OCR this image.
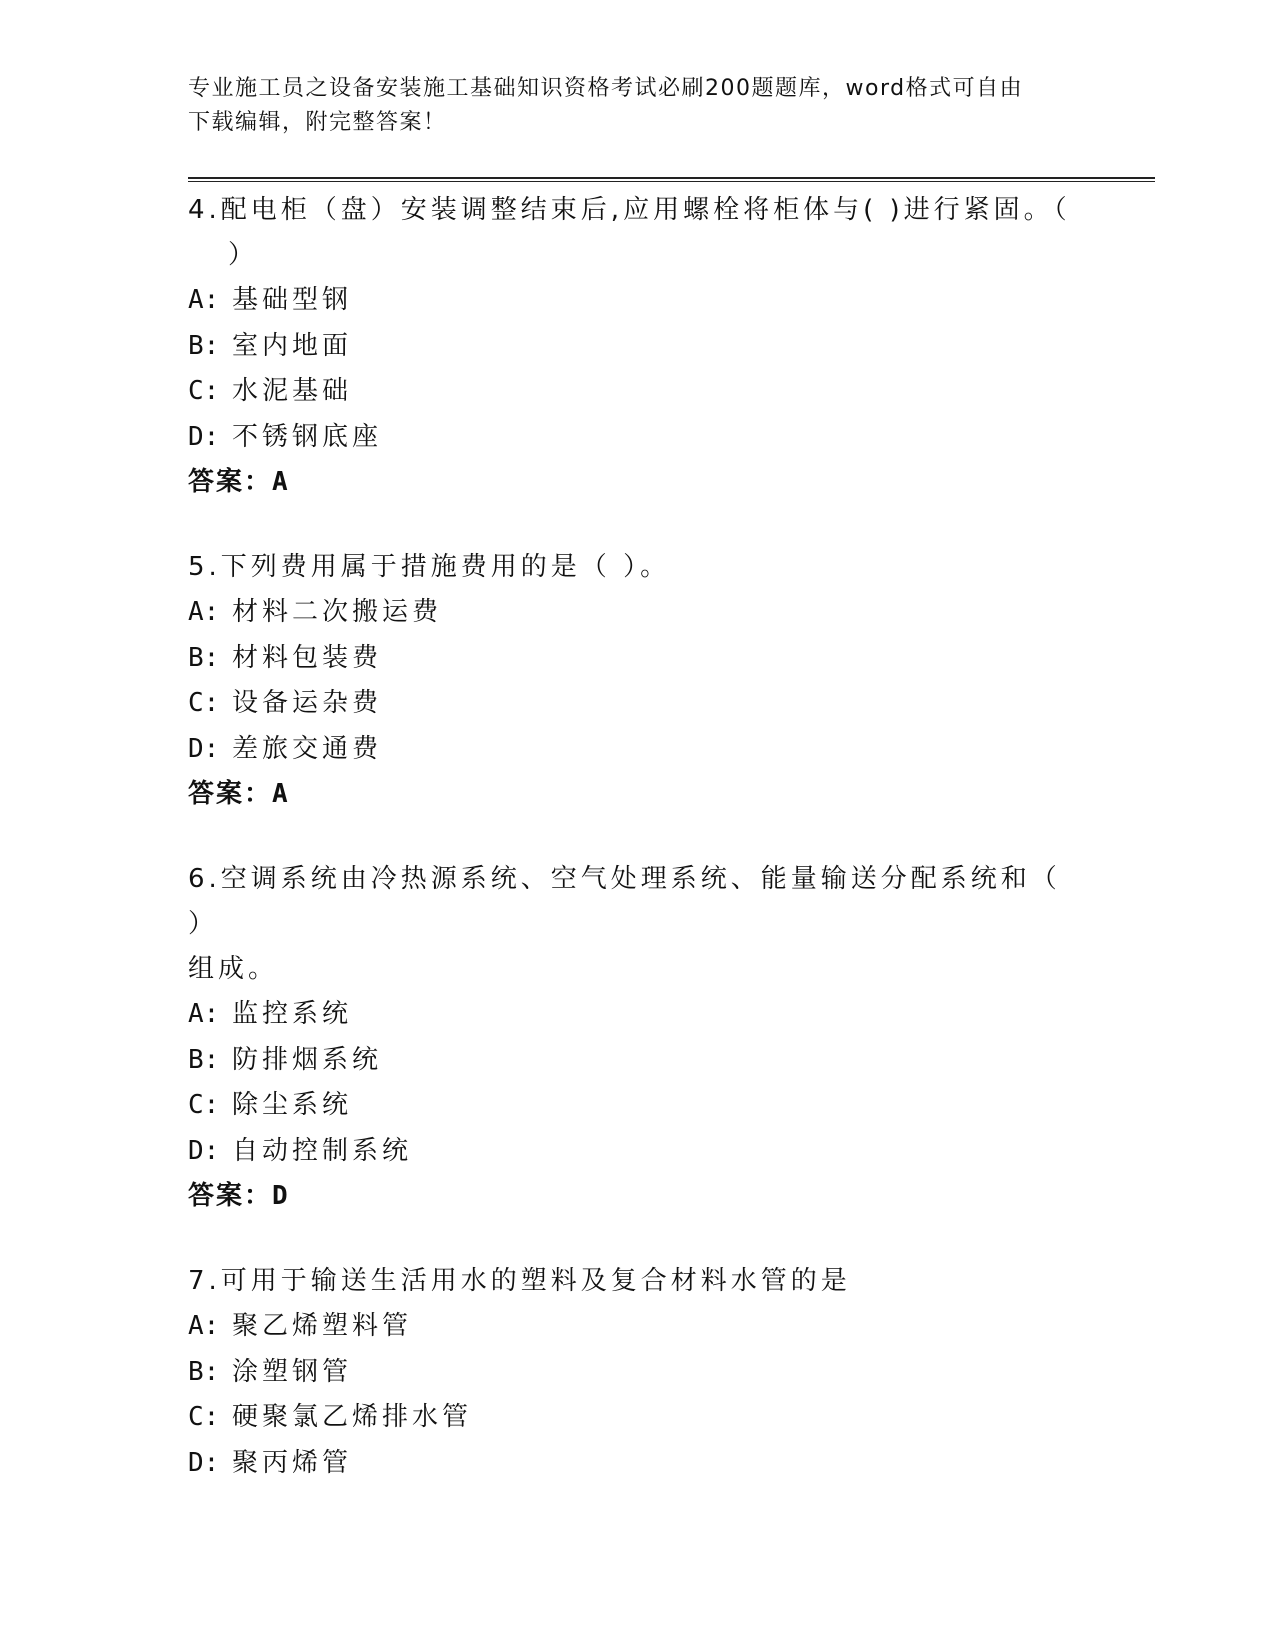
专业施工员之设备安装施工基础知识资格考试必刷200题题库，word格式可自由
下载编辑，附完整答案！
4.配电柜（盘）安装调整结束后,应用螺栓将柜体与( )进行紧固。（
）
A: 基础型钢
B: 室内地面
C: 水泥基础
D: 不锈钢底座
答案：A
5.下列费用属于措施费用的是（ ）。
A: 材料二次搬运费
B: 材料包装费
C: 设备运杂费
D: 差旅交通费
答案：A
6.空调系统由冷热源系统、空气处理系统、能量输送分配系统和（ ）
组成。
A: 监控系统
B: 防排烟系统
C: 除尘系统
D: 自动控制系统
答案：D
7.可用于输送生活用水的塑料及复合材料水管的是
A: 聚乙烯塑料管
B: 涂塑钢管
C: 硬聚氯乙烯排水管
D: 聚丙烯管
